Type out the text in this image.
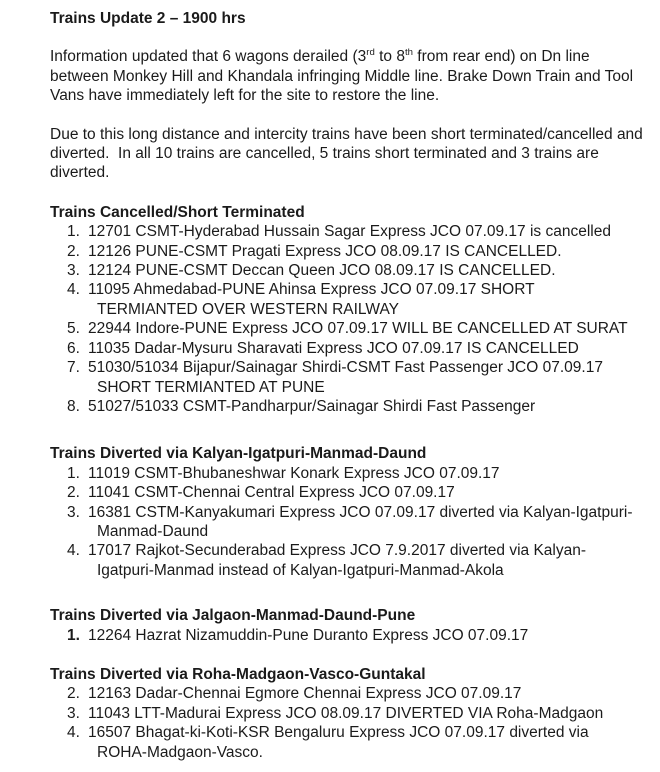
Trains Update 2 – 1900 hrs
Information updated that 6 wagons derailed (3rd to 8th from rear end) on Dn line
between Monkey Hill and Khandala infringing Middle line. Brake Down Train and Tool
Vans have immediately left for the site to restore the line.
Due to this long distance and intercity trains have been short terminated/cancelled and
diverted.  In all 10 trains are cancelled, 5 trains short terminated and 3 trains are
diverted.
Trains Cancelled/Short Terminated
1. 12701 CSMT-Hyderabad Hussain Sagar Express JCO 07.09.17 is cancelled
2. 12126 PUNE-CSMT Pragati Express JCO 08.09.17 IS CANCELLED.
3. 12124 PUNE-CSMT Deccan Queen JCO 08.09.17 IS CANCELLED.
4. 11095 Ahmedabad-PUNE Ahinsa Express JCO 07.09.17 SHORT
TERMIANTED OVER WESTERN RAILWAY
5. 22944 Indore-PUNE Express JCO 07.09.17 WILL BE CANCELLED AT SURAT
6. 11035 Dadar-Mysuru Sharavati Express JCO 07.09.17 IS CANCELLED
7. 51030/51034 Bijapur/Sainagar Shirdi-CSMT Fast Passenger JCO 07.09.17
SHORT TERMIANTED AT PUNE
8. 51027/51033 CSMT-Pandharpur/Sainagar Shirdi Fast Passenger
Trains Diverted via Kalyan-Igatpuri-Manmad-Daund
1. 11019 CSMT-Bhubaneshwar Konark Express JCO 07.09.17
2. 11041 CSMT-Chennai Central Express JCO 07.09.17
3. 16381 CSTM-Kanyakumari Express JCO 07.09.17 diverted via Kalyan-Igatpuri-
Manmad-Daund
4. 17017 Rajkot-Secunderabad Express JCO 7.9.2017 diverted via Kalyan-
Igatpuri-Manmad instead of Kalyan-Igatpuri-Manmad-Akola
Trains Diverted via Jalgaon-Manmad-Daund-Pune
1. 12264 Hazrat Nizamuddin-Pune Duranto Express JCO 07.09.17
Trains Diverted via Roha-Madgaon-Vasco-Guntakal
2. 12163 Dadar-Chennai Egmore Chennai Express JCO 07.09.17
3. 11043 LTT-Madurai Express JCO 08.09.17 DIVERTED VIA Roha-Madgaon
4. 16507 Bhagat-ki-Koti-KSR Bengaluru Express JCO 07.09.17 diverted via
ROHA-Madgaon-Vasco.
